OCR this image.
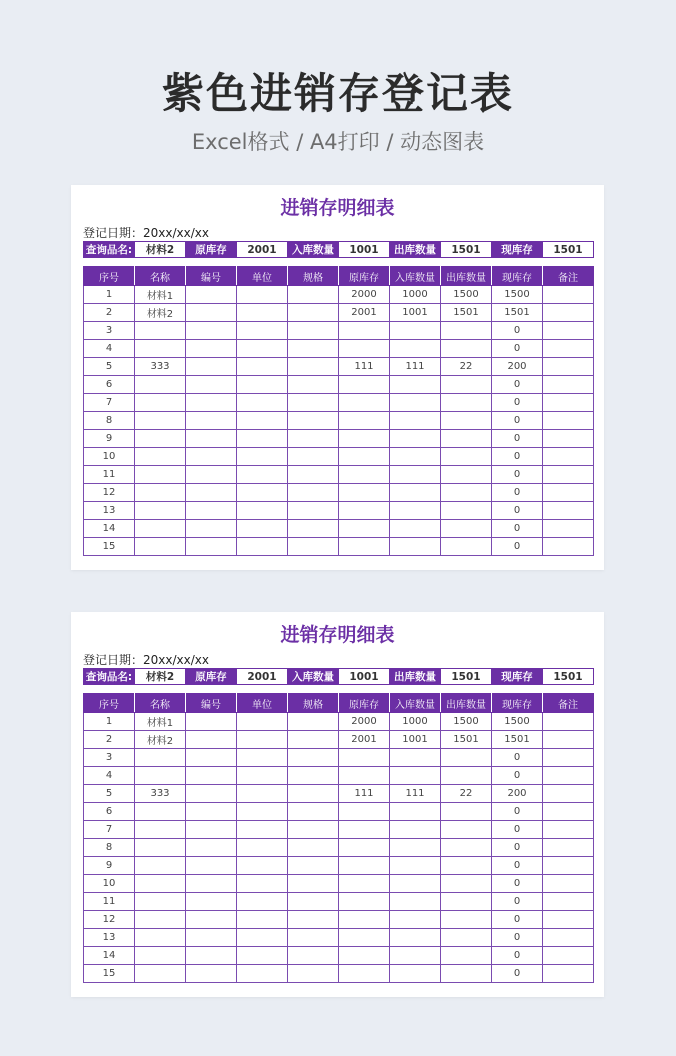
紫色进销存登记表
Excel格式 / A4打印 / 动态图表
进销存明细表
登记日期：20xx/xx/xx
查询品名:	材料2	原库存	2001	入库数量	1001	出库数量	1501	现库存	1501
序号	名称	编号	单位	规格	原库存	入库数量	出库数量	现库存	备注
1	材料1				2000	1000	1500	1500	
2	材料2				2001	1001	1501	1501	
3								0	
4								0	
5	333				111	111	22	200	
6								0	
7								0	
8								0	
9								0	
10								0	
11								0	
12								0	
13								0	
14								0	
15								0	
进销存明细表
登记日期：20xx/xx/xx
查询品名:	材料2	原库存	2001	入库数量	1001	出库数量	1501	现库存	1501
序号	名称	编号	单位	规格	原库存	入库数量	出库数量	现库存	备注
1	材料1				2000	1000	1500	1500	
2	材料2				2001	1001	1501	1501	
3								0	
4								0	
5	333				111	111	22	200	
6								0	
7								0	
8								0	
9								0	
10								0	
11								0	
12								0	
13								0	
14								0	
15								0	
